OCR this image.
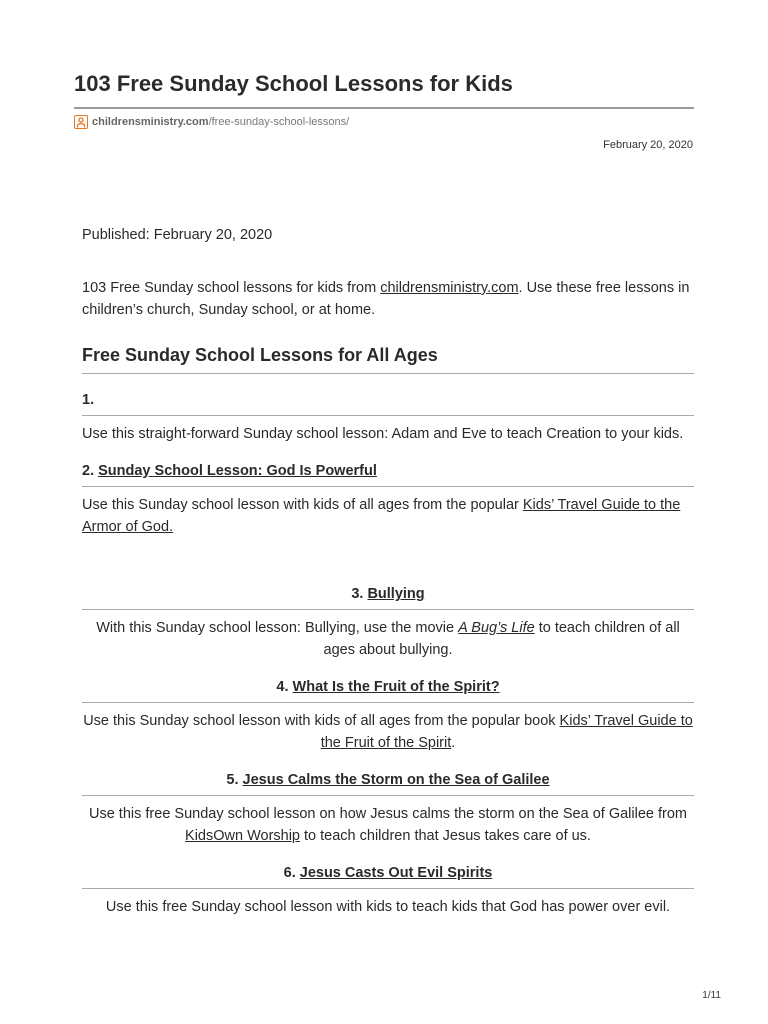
103 Free Sunday School Lessons for Kids
childrensministry.com /free-sunday-school-lessons/
February 20, 2020

Published: February 20, 2020

103 Free Sunday school lessons for kids from childrensministry.com. Use these free lessons in children’s church, Sunday school, or at home.

Free Sunday School Lessons for All Ages
1.
Use this straight-forward Sunday school lesson: Adam and Eve to teach Creation to your kids.
2. Sunday School Lesson: God Is Powerful
Use this Sunday school lesson with kids of all ages from the popular Kids’ Travel Guide to the Armor of God.
3. Bullying
With this Sunday school lesson: Bullying, use the movie A Bug’s Life to teach children of all ages about bullying.
4. What Is the Fruit of the Spirit?
Use this Sunday school lesson with kids of all ages from the popular book Kids’ Travel Guide to the Fruit of the Spirit.
5. Jesus Calms the Storm on the Sea of Galilee
Use this free Sunday school lesson on how Jesus calms the storm on the Sea of Galilee from KidsOwn Worship to teach children that Jesus takes care of us.
6. Jesus Casts Out Evil Spirits
Use this free Sunday school lesson with kids to teach kids that God has power over evil.
1/11
